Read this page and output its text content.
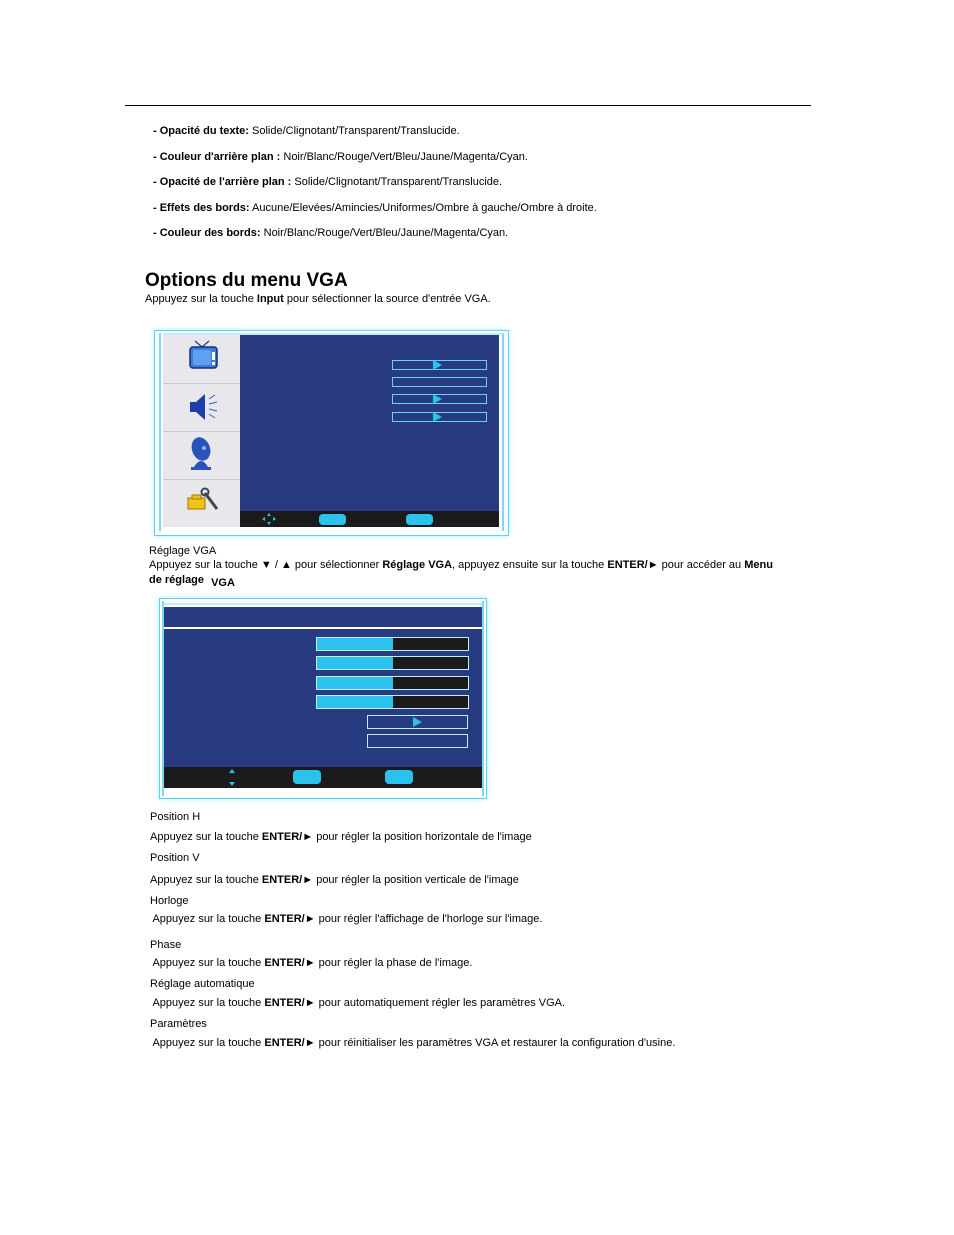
- Opacité du texte: Solide/Clignotant/Transparent/Translucide.
- Couleur d'arrière plan : Noir/Blanc/Rouge/Vert/Bleu/Jaune/Magenta/Cyan.
- Opacité de l'arrière plan : Solide/Clignotant/Transparent/Translucide.
- Effets des bords: Aucune/Elevées/Amincies/Uniformes/Ombre à gauche/Ombre à droite.
- Couleur des bords: Noir/Blanc/Rouge/Vert/Bleu/Jaune/Magenta/Cyan.
Options du menu VGA
Appuyez sur la touche Input pour sélectionner la source d'entrée VGA.
Réglage VGA
Appuyez sur la touche ▼ / ▲ pour sélectionner Réglage VGA, appuyez ensuite sur la touche ENTER/► pour accéder au Menu
de réglage VGA
Position H
Appuyez sur la touche ENTER/► pour régler la position horizontale de l'image
Position V
Appuyez sur la touche ENTER/► pour régler la position verticale de l'image
Horloge
Appuyez sur la touche ENTER/► pour régler l'affichage de l'horloge sur l'image.
Phase
Appuyez sur la touche ENTER/► pour régler la phase de l'image.
Réglage automatique
Appuyez sur la touche ENTER/► pour automatiquement régler les paramètres VGA.
Paramètres
Appuyez sur la touche ENTER/► pour réinitialiser les paramètres VGA et restaurer la configuration d'usine.
